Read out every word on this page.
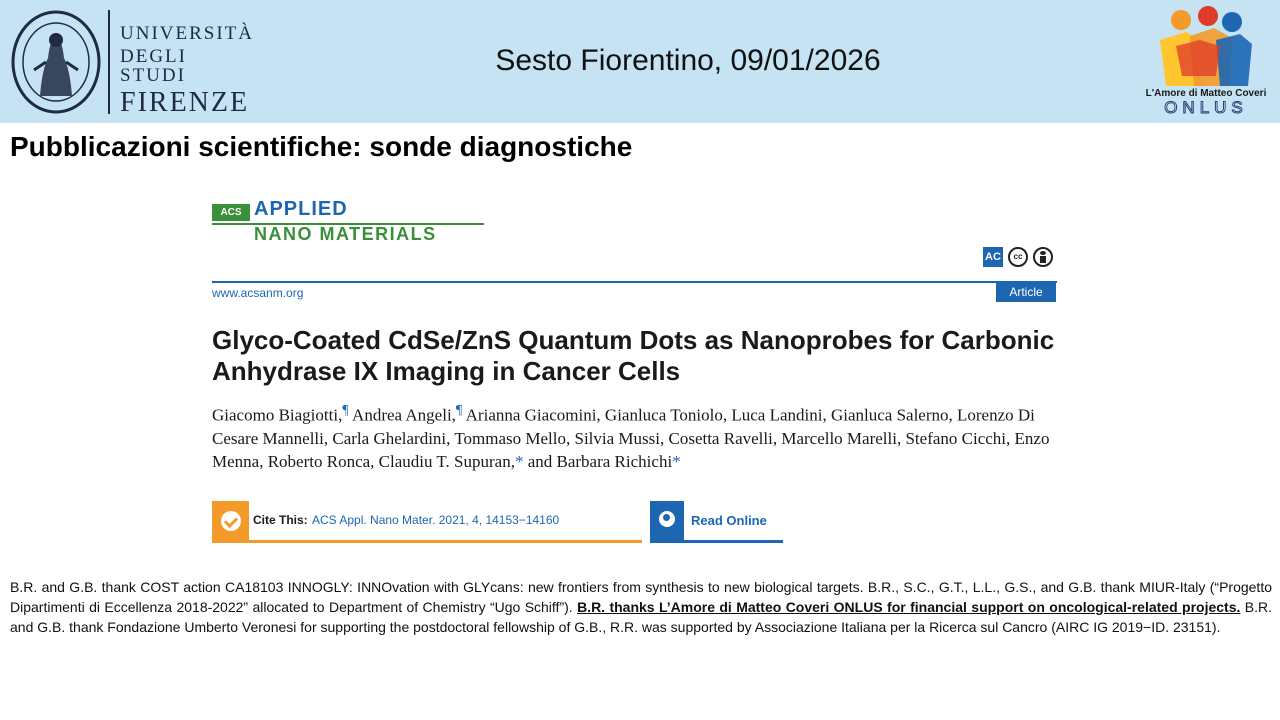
UNIVERSITÀ
DEGLI STUDI
FIRENZE
Sesto Fiorentino, 09/01/2026
L'Amore di Matteo Coveri
ONLUS
Pubblicazioni scientifiche: sonde diagnostiche
ACS APPLIED
NANO MATERIALS
AC	cc
www.acsanm.org	Article
Glyco-Coated CdSe/ZnS Quantum Dots as Nanoprobes for Carbonic Anhydrase IX Imaging in Cancer Cells
Giacomo Biagiotti,¶ Andrea Angeli,¶ Arianna Giacomini, Gianluca Toniolo, Luca Landini, Gianluca Salerno, Lorenzo Di Cesare Mannelli, Carla Ghelardini, Tommaso Mello, Silvia Mussi, Cosetta Ravelli, Marcello Marelli, Stefano Cicchi, Enzo Menna, Roberto Ronca, Claudiu T. Supuran,* and Barbara Richichi*
Cite This: ACS Appl. Nano Mater. 2021, 4, 14153−14160	Read Online
B.R. and G.B. thank COST action CA18103 INNOGLY: INNOvation with GLYcans: new frontiers from synthesis to new biological targets. B.R., S.C., G.T., L.L., G.S., and G.B. thank MIUR-Italy (“Progetto Dipartimenti di Eccellenza 2018-2022” allocated to Department of Chemistry “Ugo Schiff”). B.R. thanks L’Amore di Matteo Coveri ONLUS for financial support on oncological-related projects. B.R. and G.B. thank Fondazione Umberto Veronesi for supporting the postdoctoral fellowship of G.B., R.R. was supported by Associazione Italiana per la Ricerca sul Cancro (AIRC IG 2019−ID. 23151).
